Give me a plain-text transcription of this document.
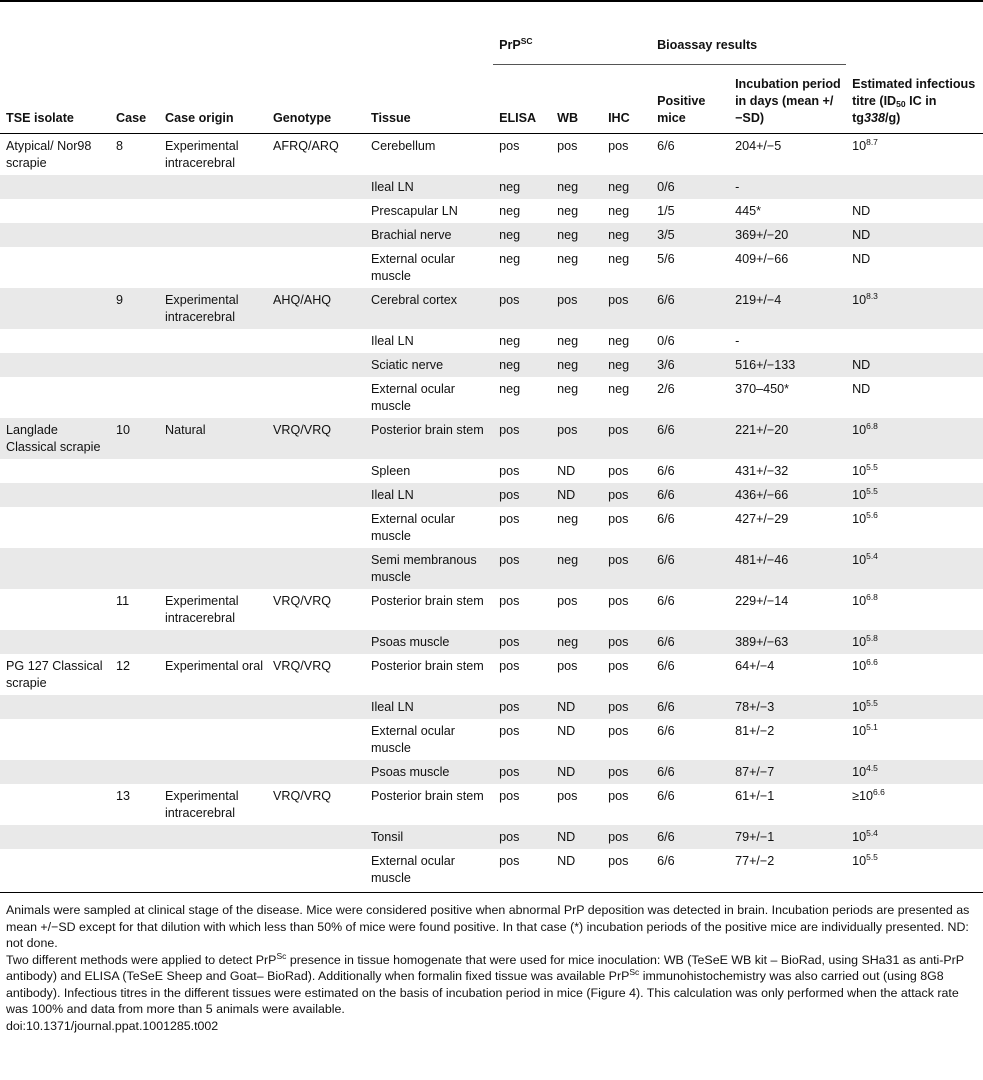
					PrP$^{SC}$			Bioassay results		
TSE isolate	Case	Case origin	Genotype	Tissue	ELISA	WB	IHC	Positive mice	Incubation period in days (mean +/−SD)	Estimated infectious titre ($ID_{50}$ IC in tg338/g)
Atypical/ Nor98 scrapie	8	Experimental intracerebral	AFRQ/ARQ	Cerebellum	pos	pos	pos	6/6	204+/−5	$10^{8.7}$
				Ileal LN	neg	neg	neg	0/6	-	
				Prescapular LN	neg	neg	neg	1/5	445*	ND
				Brachial nerve	neg	neg	neg	3/5	369+/−20	ND
				External ocular muscle	neg	neg	neg	5/6	409+/−66	ND
	9	Experimental intracerebral	AHQ/AHQ	Cerebral cortex	pos	pos	pos	6/6	219+/−4	$10^{8.3}$
				Ileal LN	neg	neg	neg	0/6	-	
				Sciatic nerve	neg	neg	neg	3/6	516+/−133	ND
				External ocular muscle	neg	neg	neg	2/6	370–450*	ND
Langlade Classical scrapie	10	Natural	VRQ/VRQ	Posterior brain stem	pos	pos	pos	6/6	221+/−20	$10^{6.8}$
				Spleen	pos	ND	pos	6/6	431+/−32	$10^{5.5}$
				Ileal LN	pos	ND	pos	6/6	436+/−66	$10^{5.5}$
				External ocular muscle	pos	neg	pos	6/6	427+/−29	$10^{5.6}$
				Semi membranous muscle	pos	neg	pos	6/6	481+/−46	$10^{5.4}$
	11	Experimental intracerebral	VRQ/VRQ	Posterior brain stem	pos	pos	pos	6/6	229+/−14	$10^{6.8}$
				Psoas muscle	pos	neg	pos	6/6	389+/−63	$10^{5.8}$
PG 127 Classical scrapie	12	Experimental oral	VRQ/VRQ	Posterior brain stem	pos	pos	pos	6/6	64+/−4	$10^{6.6}$
				Ileal LN	pos	ND	pos	6/6	78+/−3	$10^{5.5}$
				External ocular muscle	pos	ND	pos	6/6	81+/−2	$10^{5.1}$
				Psoas muscle	pos	ND	pos	6/6	87+/−7	$10^{4.5}$
	13	Experimental intracerebral	VRQ/VRQ	Posterior brain stem	pos	pos	pos	6/6	61+/−1	$\ge 10^{6.6}$
				Tonsil	pos	ND	pos	6/6	79+/−1	$10^{5.4}$
				External ocular muscle	pos	ND	pos	6/6	77+/−2	$10^{5.5}$

Animals were sampled at clinical stage of the disease. Mice were considered positive when abnormal PrP deposition was detected in brain. Incubation periods are presented as mean +/−SD except for that dilution with which less than 50% of mice were found positive. In that case (*) incubation periods of the positive mice are individually presented. ND: not done.

Two different methods were applied to detect PrP$^{Sc}$ presence in tissue homogenate that were used for mice inoculation: WB (TeSeE WB kit – BioRad, using SHa31 as anti-PrP antibody) and ELISA (TeSeE Sheep and Goat– BioRad). Additionally when formalin fixed tissue was available PrP$^{Sc}$ immunohistochemistry was also carried out (using 8G8 antibody). Infectious titres in the different tissues were estimated on the basis of incubation period in mice (Figure 4). This calculation was only performed when the attack rate was 100% and data from more than 5 animals were available.

doi:10.1371/journal.ppat.1001285.t002
